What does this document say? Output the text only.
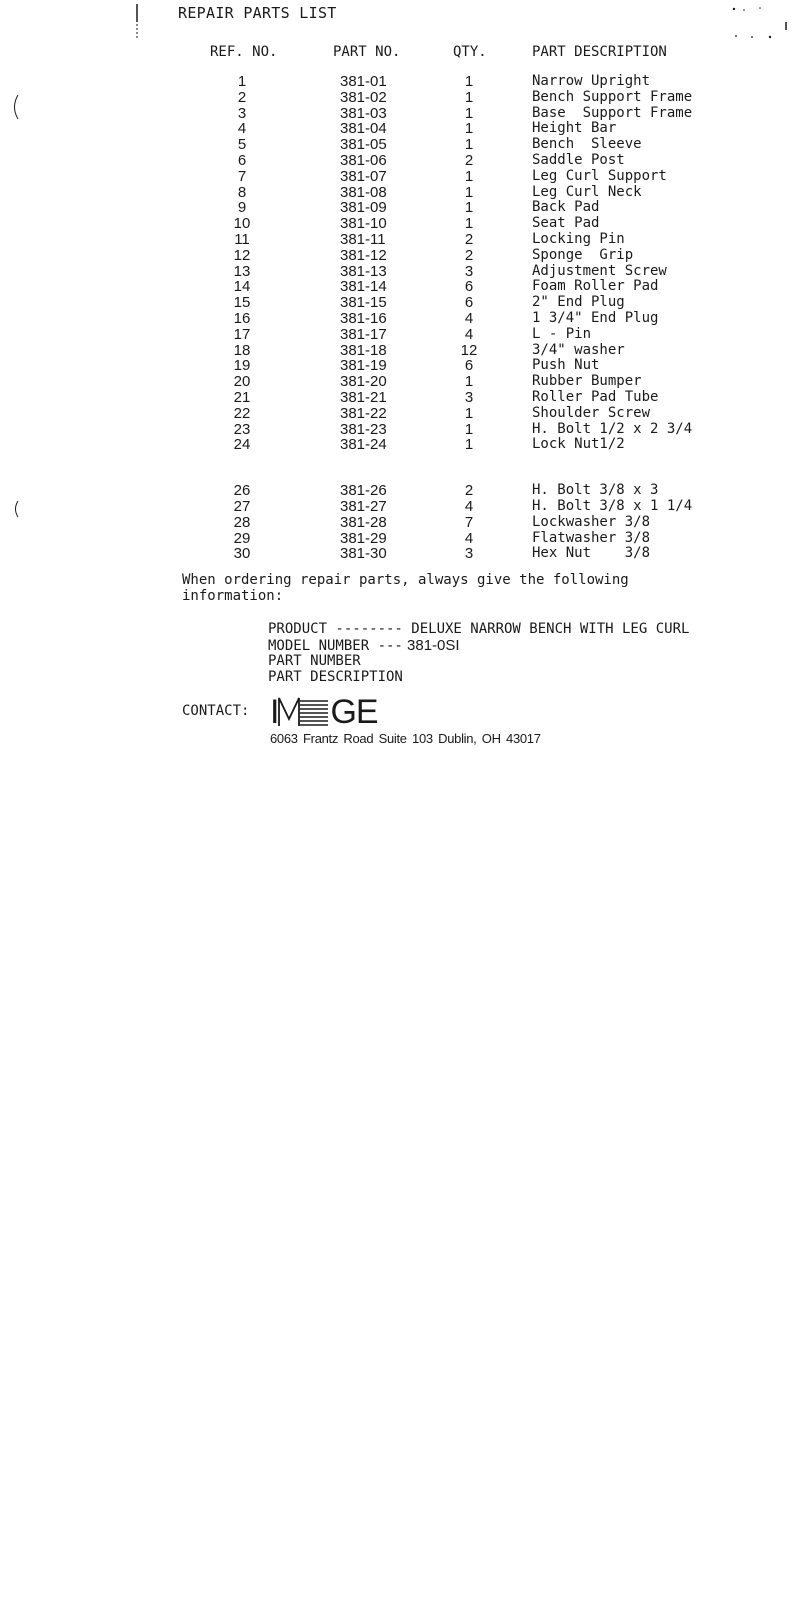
REPAIR PARTS LIST
REF. NO.	PART NO.	QTY.	PART DESCRIPTION
1	381-01	1	Narrow Upright
2	381-02	1	Bench Support Frame
3	381-03	1	Base  Support Frame
4	381-04	1	Height Bar
5	381-05	1	Bench  Sleeve
6	381-06	2	Saddle Post
7	381-07	1	Leg Curl Support
8	381-08	1	Leg Curl Neck
9	381-09	1	Back Pad
10	381-10	1	Seat Pad
11	381-11	2	Locking Pin
12	381-12	2	Sponge  Grip
13	381-13	3	Adjustment Screw
14	381-14	6	Foam Roller Pad
15	381-15	6	2" End Plug
16	381-16	4	1 3/4" End Plug
17	381-17	4	L - Pin
18	381-18	12	3/4" washer
19	381-19	6	Push Nut
20	381-20	1	Rubber Bumper
21	381-21	3	Roller Pad Tube
22	381-22	1	Shoulder Screw
23	381-23	1	H. Bolt 1/2 x 2 3/4
24	381-24	1	Lock Nut1/2
26	381-26	2	H. Bolt 3/8 x 3
27	381-27	4	H. Bolt 3/8 x 1 1/4
28	381-28	7	Lockwasher 3/8
29	381-29	4	Flatwasher 3/8
30	381-30	3	Hex Nut    3/8
When ordering repair parts, always give the following
information:
PRODUCT -------- DELUXE NARROW BENCH WITH LEG CURL
MODEL NUMBER --- 381-0SI
PART NUMBER
PART DESCRIPTION
CONTACT: I GE
6063 Frantz Road Suite 103 Dublin, OH 43017
